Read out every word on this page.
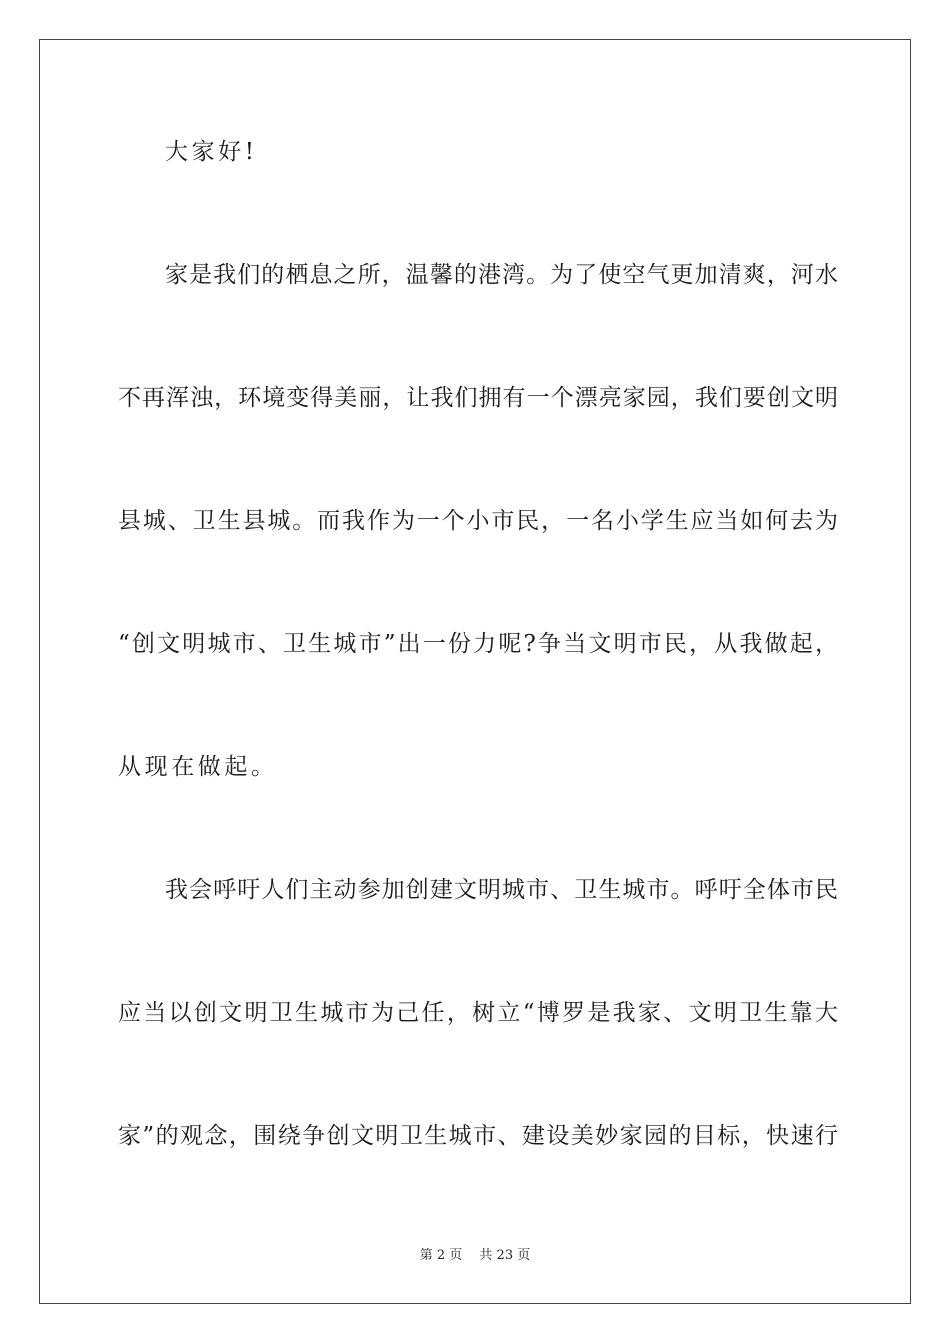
大家好!
家是我们的栖息之所，温馨的港湾。为了使空气更加清爽，河水
不再浑浊，环境变得美丽，让我们拥有一个漂亮家园，我们要创文明
县城、卫生县城。而我作为一个小市民，一名小学生应当如何去为
“创文明城市、卫生城市”出一份力呢?争当文明市民，从我做起，
从现在做起。
我会呼吁人们主动参加创建文明城市、卫生城市。呼吁全体市民
应当以创文明卫生城市为己任，树立“博罗是我家、文明卫生靠大
家”的观念，围绕争创文明卫生城市、建设美妙家园的目标，快速行
第 2 页　 共 23 页
